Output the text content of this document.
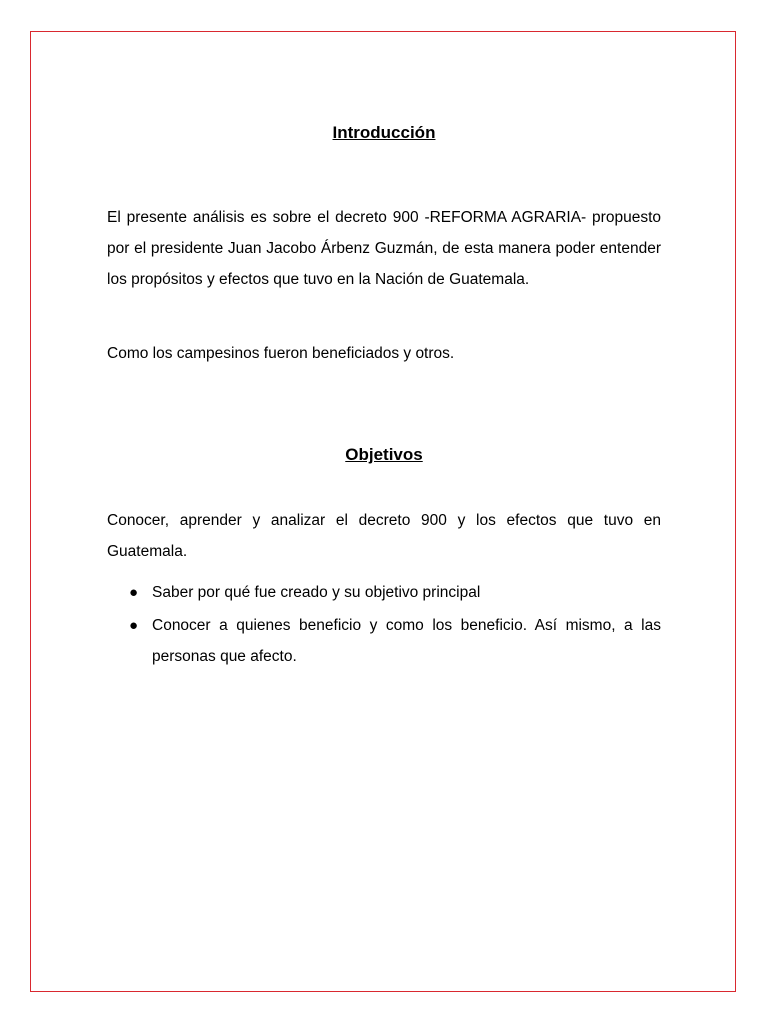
Introducción

El presente análisis es sobre el decreto 900 -REFORMA AGRARIA- propuesto por el presidente Juan Jacobo Árbenz Guzmán, de esta manera poder entender los propósitos y efectos que tuvo en la Nación de Guatemala.

Como los campesinos fueron beneficiados y otros.

Objetivos

Conocer, aprender y analizar el decreto 900 y los efectos que tuvo en Guatemala.

● Saber por qué fue creado y su objetivo principal
● Conocer a quienes beneficio y como los beneficio. Así mismo, a las personas que afecto.
